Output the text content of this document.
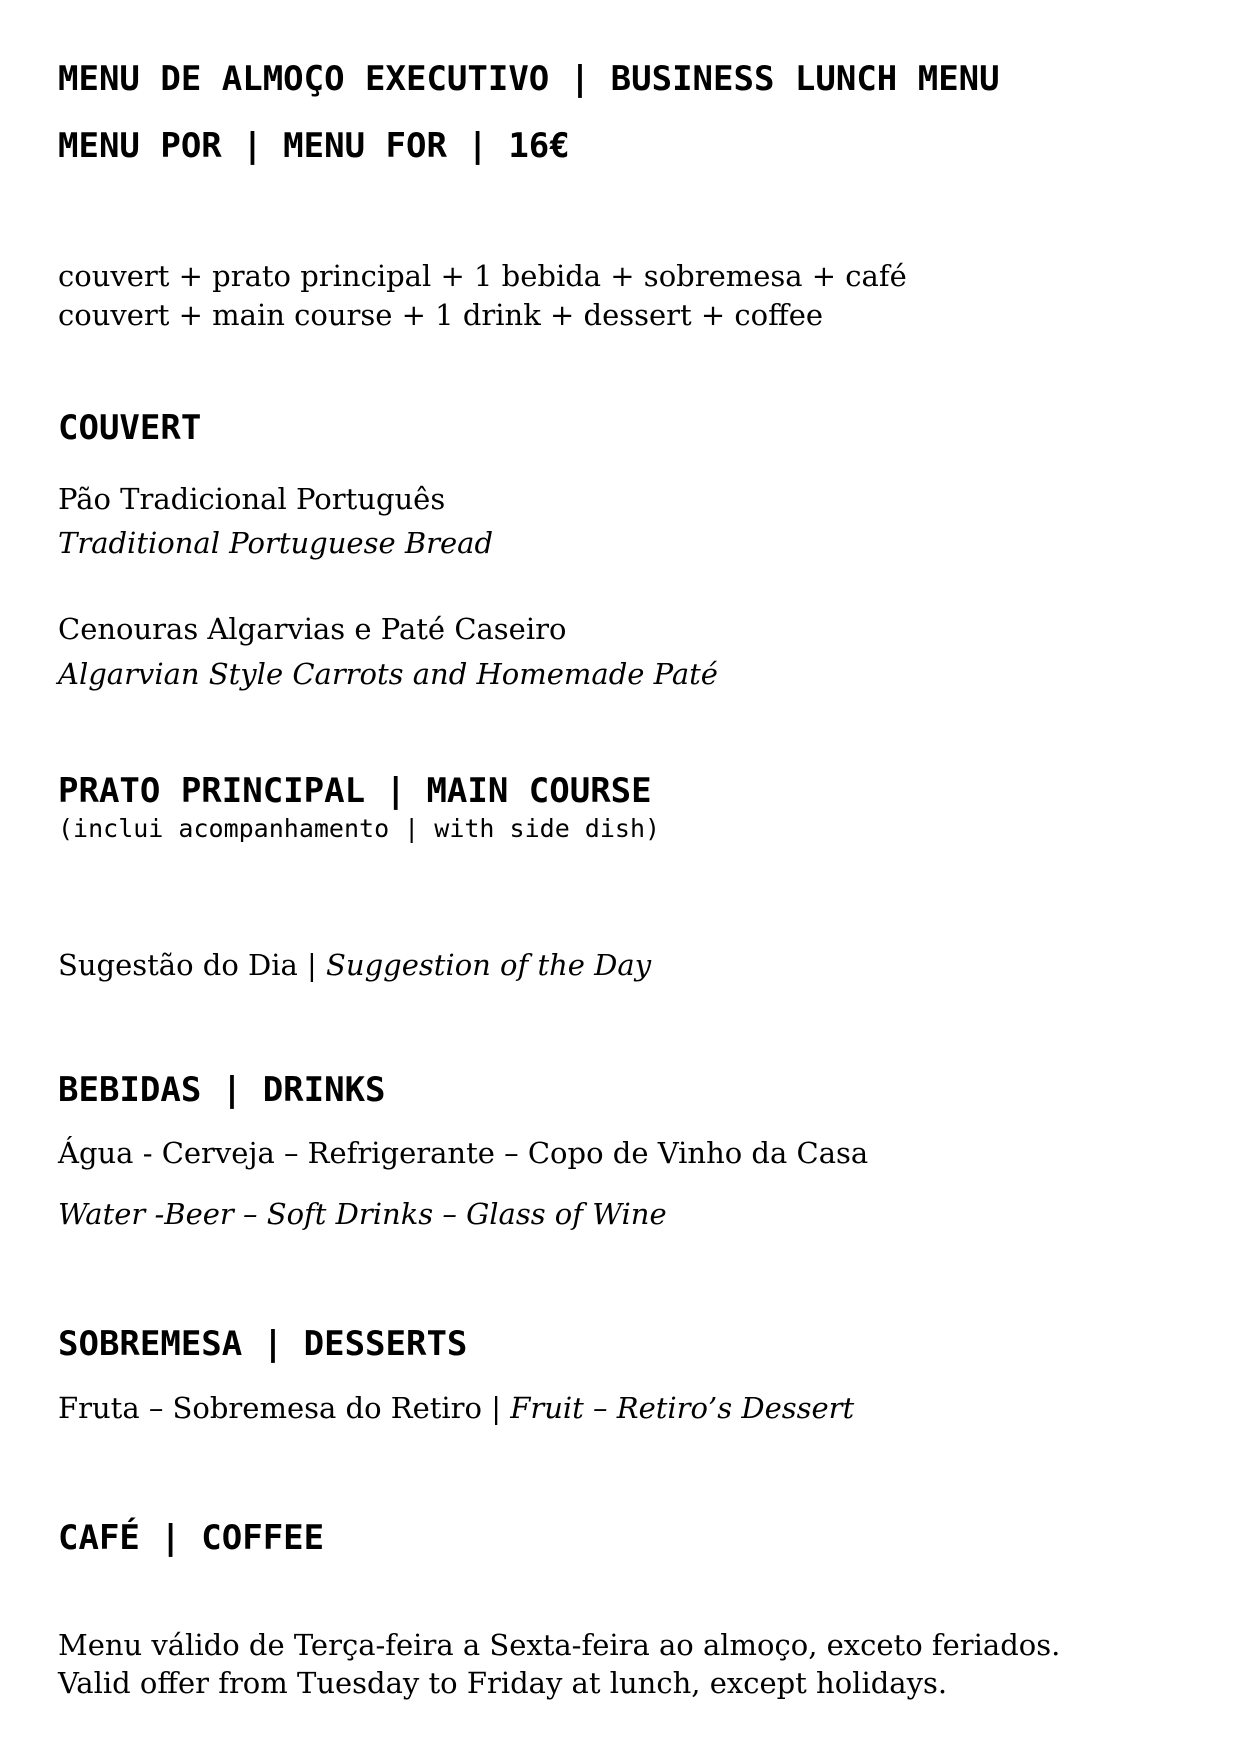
MENU DE ALMOÇO EXECUTIVO | BUSINESS LUNCH MENU
MENU POR | MENU FOR | 16€
couvert + prato principal + 1 bebida + sobremesa + café
couvert + main course + 1 drink + dessert + coffee
COUVERT
Pão Tradicional Português
Traditional Portuguese Bread
Cenouras Algarvias e Paté Caseiro
Algarvian Style Carrots and Homemade Paté
PRATO PRINCIPAL | MAIN COURSE
(inclui acompanhamento | with side dish)
Sugestão do Dia | Suggestion of the Day
BEBIDAS | DRINKS
Água - Cerveja – Refrigerante – Copo de Vinho da Casa
Water -Beer – Soft Drinks – Glass of Wine
SOBREMESA | DESSERTS
Fruta – Sobremesa do Retiro | Fruit – Retiro’s Dessert
CAFÉ | COFFEE
Menu válido de Terça-feira a Sexta-feira ao almoço, exceto feriados.
Valid offer from Tuesday to Friday at lunch, except holidays.
